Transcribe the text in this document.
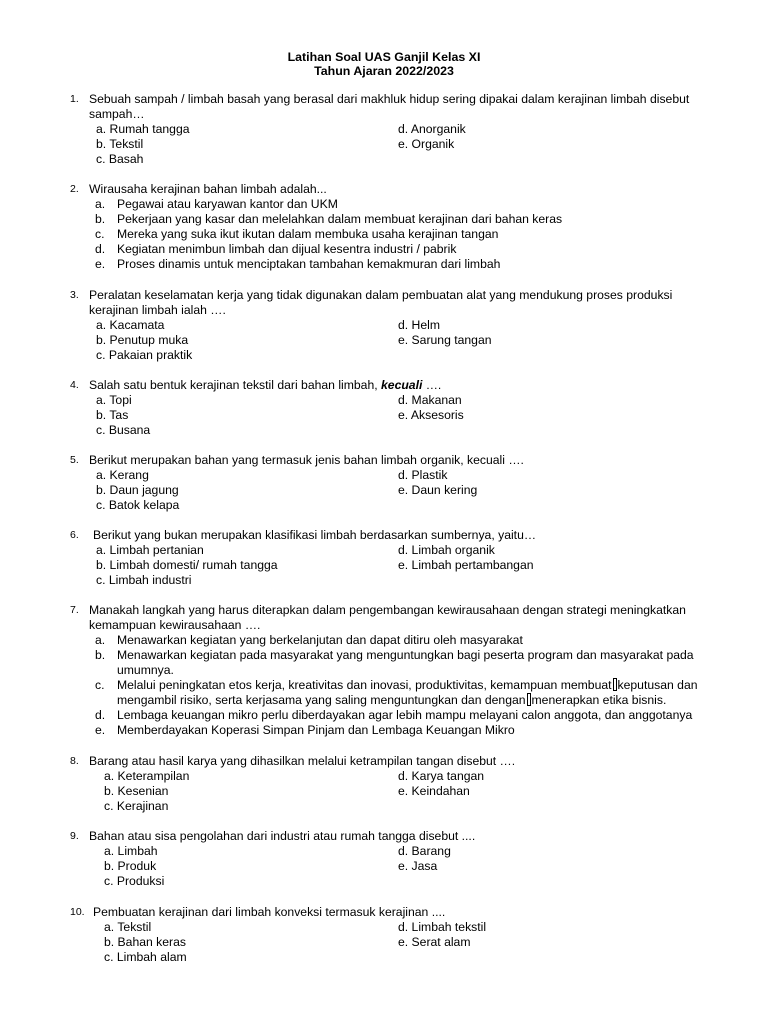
Latihan Soal UAS Ganjil Kelas XI
Tahun Ajaran 2022/2023
1. Sebuah sampah / limbah basah yang berasal dari makhluk hidup sering dipakai dalam kerajinan limbah disebut sampah…
a. Rumah tangga
b. Tekstil
c. Basah
d. Anorganik
e. Organik
2. Wirausaha kerajinan bahan limbah adalah...
a. Pegawai atau karyawan kantor dan UKM
b. Pekerjaan yang kasar dan melelahkan dalam membuat kerajinan dari bahan keras
c. Mereka yang suka ikut ikutan dalam membuka usaha kerajinan tangan
d. Kegiatan menimbun limbah dan dijual kesentra industri / pabrik
e. Proses dinamis untuk menciptakan tambahan kemakmuran dari limbah
3. Peralatan keselamatan kerja yang tidak digunakan dalam pembuatan alat yang mendukung proses produksi kerajinan limbah ialah ….
a. Kacamata
b. Penutup muka
c. Pakaian praktik
d. Helm
e. Sarung tangan
4. Salah satu bentuk kerajinan tekstil dari bahan limbah, kecuali ….
a. Topi
b. Tas
c. Busana
d. Makanan
e. Aksesoris
5. Berikut merupakan bahan yang termasuk jenis bahan limbah organik, kecuali ….
a. Kerang
b. Daun jagung
c. Batok kelapa
d. Plastik
e. Daun kering
6. Berikut yang bukan merupakan klasifikasi limbah berdasarkan sumbernya, yaitu…
a. Limbah pertanian
b. Limbah domesti/ rumah tangga
c. Limbah industri
d. Limbah organik
e. Limbah pertambangan
7. Manakah langkah yang harus diterapkan dalam pengembangan kewirausahaan dengan strategi meningkatkan kemampuan kewirausahaan ….
a. Menawarkan kegiatan yang berkelanjutan dan dapat ditiru oleh masyarakat
b. Menawarkan kegiatan pada masyarakat yang menguntungkan bagi peserta program dan masyarakat pada umumnya.
c. Melalui peningkatan etos kerja, kreativitas dan inovasi, produktivitas, kemampuan membuat keputusan dan mengambil risiko, serta kerjasama yang saling menguntungkan dan dengan menerapkan etika bisnis.
d. Lembaga keuangan mikro perlu diberdayakan agar lebih mampu melayani calon anggota, dan anggotanya
e. Memberdayakan Koperasi Simpan Pinjam dan Lembaga Keuangan Mikro
8. Barang atau hasil karya yang dihasilkan melalui ketrampilan tangan disebut ….
a. Keterampilan
b. Kesenian
c. Kerajinan
d. Karya tangan
e. Keindahan
9. Bahan atau sisa pengolahan dari industri atau rumah tangga disebut ....
a. Limbah
b. Produk
c. Produksi
d. Barang
e. Jasa
10. Pembuatan kerajinan dari limbah konveksi termasuk kerajinan ....
a. Tekstil
b. Bahan keras
c. Limbah alam
d. Limbah tekstil
e. Serat alam
